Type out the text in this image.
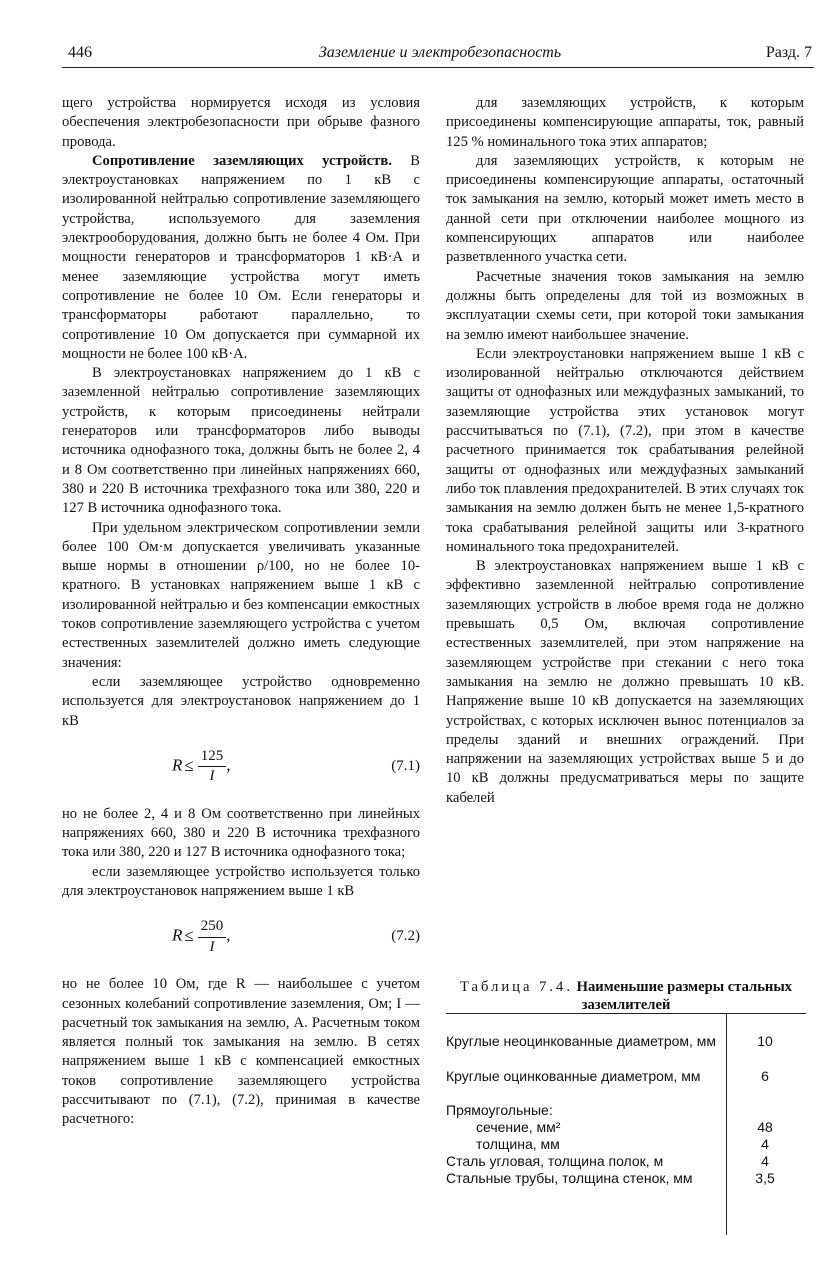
446	Заземление и электробезопасность	Разд. 7

щего устройства нормируется исходя из условия обеспечения электробезопасности при обрыве фазного провода.

Сопротивление заземляющих устройств. В электроустановках напряжением по 1 кВ с изолированной нейтралью сопротивление заземляющего устройства, используемого для заземления электрооборудования, должно быть не более 4 Ом. При мощности генераторов и трансформаторов 1 кВ·А и менее заземляющие устройства могут иметь сопротивление не более 10 Ом. Если генераторы и трансформаторы работают параллельно, то сопротивление 10 Ом допускается при суммарной их мощности не более 100 кВ·А.

В электроустановках напряжением до 1 кВ с заземленной нейтралью сопротивление заземляющих устройств, к которым присоединены нейтрали генераторов или трансформаторов либо выводы источника однофазного тока, должны быть не более 2, 4 и 8 Ом соответственно при линейных напряжениях 660, 380 и 220 В источника трехфазного тока или 380, 220 и 127 В источника однофазного тока.

При удельном электрическом сопротивлении земли более 100 Ом·м допускается увеличивать указанные выше нормы в отношении ρ/100, но не более 10-кратного. В установках напряжением выше 1 кВ с изолированной нейтралью и без компенсации емкостных токов сопротивление заземляющего устройства с учетом естественных заземлителей должно иметь следующие значения:

если заземляющее устройство одновременно используется для электроустановок напряжением до 1 кВ

$R \le \frac{125}{I}$ ,	(7.1)

но не более 2, 4 и 8 Ом соответственно при линейных напряжениях 660, 380 и 220 В источника трехфазного тока или 380, 220 и 127 В источника однофазного тока;

если заземляющее устройство используется только для электроустановок напряжением выше 1 кВ

$R \le \frac{250}{I}$ ,	(7.2)

но не более 10 Ом, где R — наибольшее с учетом сезонных колебаний сопротивление заземления, Ом; I — расчетный ток замыкания на землю, А. Расчетным током является полный ток замыкания на землю. В сетях напряжением выше 1 кВ с компенсацией емкостных токов сопротивление заземляющего устройства рассчитывают по (7.1), (7.2), принимая в качестве расчетного:

для заземляющих устройств, к которым присоединены компенсирующие аппараты, ток, равный 125 % номинального тока этих аппаратов;

для заземляющих устройств, к которым не присоединены компенсирующие аппараты, остаточный ток замыкания на землю, который может иметь место в данной сети при отключении наиболее мощного из компенсирующих аппаратов или наиболее разветвленного участка сети.

Расчетные значения токов замыкания на землю должны быть определены для той из возможных в эксплуатации схемы сети, при которой токи замыкания на землю имеют наибольшее значение.

Если электроустановки напряжением выше 1 кВ с изолированной нейтралью отключаются действием защиты от однофазных или междуфазных замыканий, то заземляющие устройства этих установок могут рассчитываться по (7.1), (7.2), при этом в качестве расчетного принимается ток срабатывания релейной защиты от однофазных или междуфазных замыканий либо ток плавления предохранителей. В этих случаях ток замыкания на землю должен быть не менее 1,5-кратного тока срабатывания релейной защиты или 3-кратного номинального тока предохранителей.

В электроустановках напряжением выше 1 кВ с эффективно заземленной нейтралью сопротивление заземляющих устройств в любое время года не должно превышать 0,5 Ом, включая сопротивление естественных заземлителей, при этом напряжение на заземляющем устройстве при стекании с него тока замыкания на землю не должно превышать 10 кВ. Напряжение выше 10 кВ допускается на заземляющих устройствах, с которых исключен вынос потенциалов за пределы зданий и внешних ограждений. При напряжении на заземляющих устройствах выше 5 и до 10 кВ должны предусматриваться меры по защите кабелей

Таблица 7.4. Наименьшие размеры стальных заземлителей
Круглые неоцинкованные диаметром, мм	10
Круглые оцинкованные диаметром, мм	6
Прямоугольные:
сечение, мм²	48
толщина, мм	4
Сталь угловая, толщина полок, м	4
Стальные трубы, толщина стенок, мм	3,5
